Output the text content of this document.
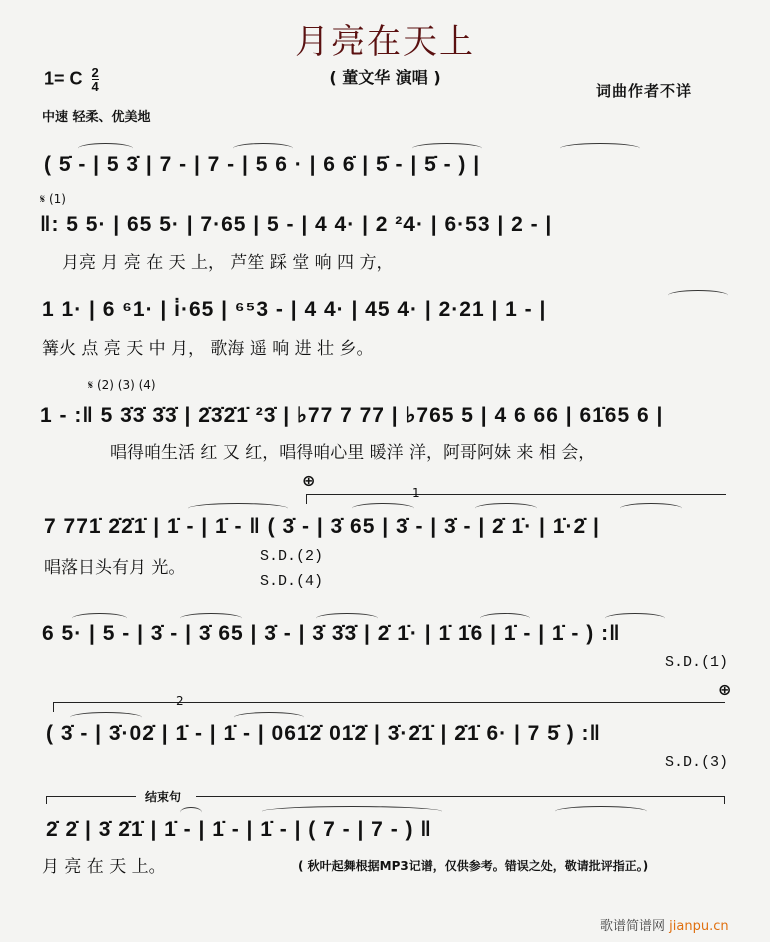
月亮在天上
( 董文华 演唱 )
1= C $\frac{2}{4}$
中速 轻柔、优美地
词曲作者不详
( 5̇ - | 5 3̇ | 7 - | 7 - | 5 6 · | 6 6̇ | 5̇ - | 5̇ - ) |
𝄋 (1)
‖: 5 5· | 65 5· | 7·65 | 5 - | 4 4· | 2 ²4· | 6·53 | 2 - |
月亮 月 亮 在 天 上， 芦笙 踩 堂 响 四 方，
1 1· | 6 ⁶1· | i̇·65 | ⁶⁵3 - | 4 4· | 45 4· | 2·21 | 1 - |
篝火 点 亮 天 中 月， 歌海 遥 响 进 壮 乡。
𝄋 (2) (3) (4)
1 - :‖ 5 3̇3̇ 3̇3̇ | 2̇3̇2̇1̇ ²3̇ | ♭77 7 77 | ♭765 5 | 4 6 66 | 61̇65 6 |
唱得咱生活 红 又 红，唱得咱心里 暖洋 洋，阿哥阿妹 来 相 会，
⊕
1
7 771̇ 2̇2̇1̇ | 1̇ - | 1̇ - ‖ ( 3̇ - | 3̇ 65 | 3̇ - | 3̇ - | 2̇ 1̇· | 1̇·2̇ |
唱落日头有月 光。
S.D.(2)
S.D.(4)
6 5· | 5 - | 3̇ - | 3̇ 65 | 3̇ - | 3̇ 3̇3̇ | 2̇ 1̇· | 1̇ 1̇6 | 1̇ - | 1̇ - ) :‖
S.D.(1)
2
⊕
( 3̇ - | 3̇·02̇ | 1̇ - | 1̇ - | 061̇2̇ 01̇2̇ | 3̇·2̇1̇ | 2̇1̇ 6· | 7 5̇ ) :‖
S.D.(3)
结束句
2̇ 2̇ | 3̇ 2̇1̇ | 1̇ - | 1̇ - | 1̇ - | ( 7 - | 7 - ) ‖
月 亮 在 天 上。	( 秋叶起舞根据MP3记谱，仅供参考。错误之处，敬请批评指正。)
歌谱简谱网 jianpu.cn
